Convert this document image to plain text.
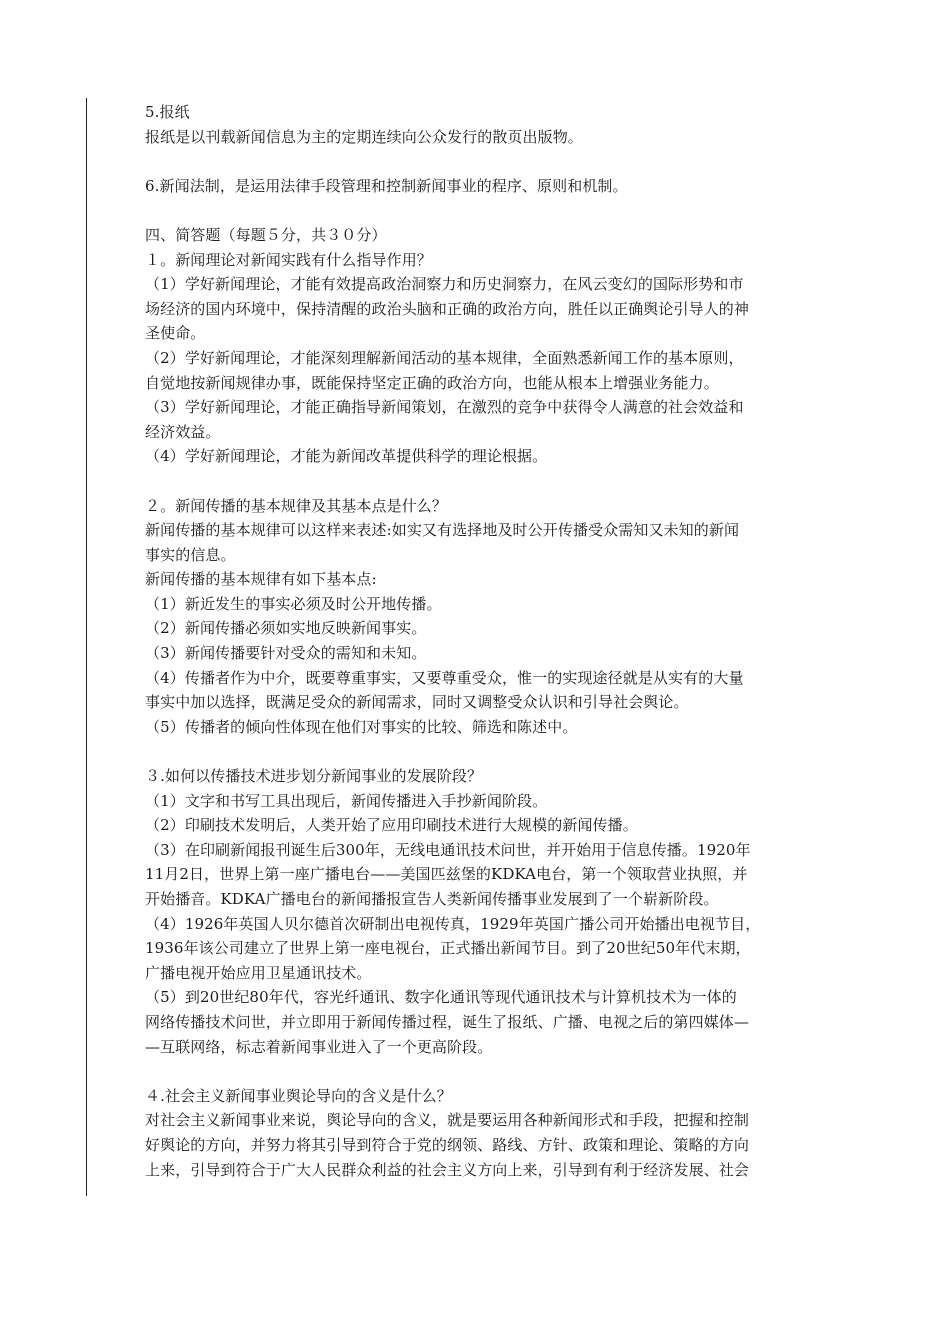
5.报纸
报纸是以刊载新闻信息为主的定期连续向公众发行的散页出版物。
6.新闻法制，是运用法律手段管理和控制新闻事业的程序、原则和机制。
四、简答题（每题５分，共３０分）
１。新闻理论对新闻实践有什么指导作用？
（1）学好新闻理论，才能有效提高政治洞察力和历史洞察力，在风云变幻的国际形势和市
场经济的国内环境中，保持清醒的政治头脑和正确的政治方向，胜任以正确舆论引导人的神
圣使命。
（2）学好新闻理论，才能深刻理解新闻活动的基本规律，全面熟悉新闻工作的基本原则，
自觉地按新闻规律办事，既能保持坚定正确的政治方向，也能从根本上增强业务能力。
（3）学好新闻理论，才能正确指导新闻策划，在激烈的竞争中获得令人满意的社会效益和
经济效益。
（4）学好新闻理论，才能为新闻改革提供科学的理论根据。
２。新闻传播的基本规律及其基本点是什么？
新闻传播的基本规律可以这样来表述:如实又有选择地及时公开传播受众需知又未知的新闻
事实的信息。
新闻传播的基本规律有如下基本点:
（1）新近发生的事实必须及时公开地传播。
（2）新闻传播必须如实地反映新闻事实。
（3）新闻传播要针对受众的需知和未知。
（4）传播者作为中介，既要尊重事实，又要尊重受众，惟一的实现途径就是从实有的大量
事实中加以选择，既满足受众的新闻需求，同时又调整受众认识和引导社会舆论。
（5）传播者的倾向性体现在他们对事实的比较、筛选和陈述中。
３.如何以传播技术进步划分新闻事业的发展阶段？
（1）文字和书写工具出现后，新闻传播进入手抄新闻阶段。
（2）印刷技术发明后，人类开始了应用印刷技术进行大规模的新闻传播。
（3）在印刷新闻报刊诞生后300年，无线电通讯技术问世，并开始用于信息传播。1920年
11月2日，世界上第一座广播电台——美国匹兹堡的KDKA电台，第一个领取营业执照，并
开始播音。KDKA广播电台的新闻播报宣告人类新闻传播事业发展到了一个崭新阶段。
（4）1926年英国人贝尔德首次研制出电视传真，1929年英国广播公司开始播出电视节目，
1936年该公司建立了世界上第一座电视台，正式播出新闻节目。到了20世纪50年代末期，
广播电视开始应用卫星通讯技术。
（5）到20世纪80年代，容光纤通讯、数字化通讯等现代通讯技术与计算机技术为一体的
网络传播技术问世，并立即用于新闻传播过程，诞生了报纸、广播、电视之后的第四媒体—
—互联网络，标志着新闻事业进入了一个更高阶段。
４.社会主义新闻事业舆论导向的含义是什么？
对社会主义新闻事业来说，舆论导向的含义，就是要运用各种新闻形式和手段，把握和控制
好舆论的方向，并努力将其引导到符合于党的纲领、路线、方针、政策和理论、策略的方向
上来，引导到符合于广大人民群众利益的社会主义方向上来，引导到有利于经济发展、社会
